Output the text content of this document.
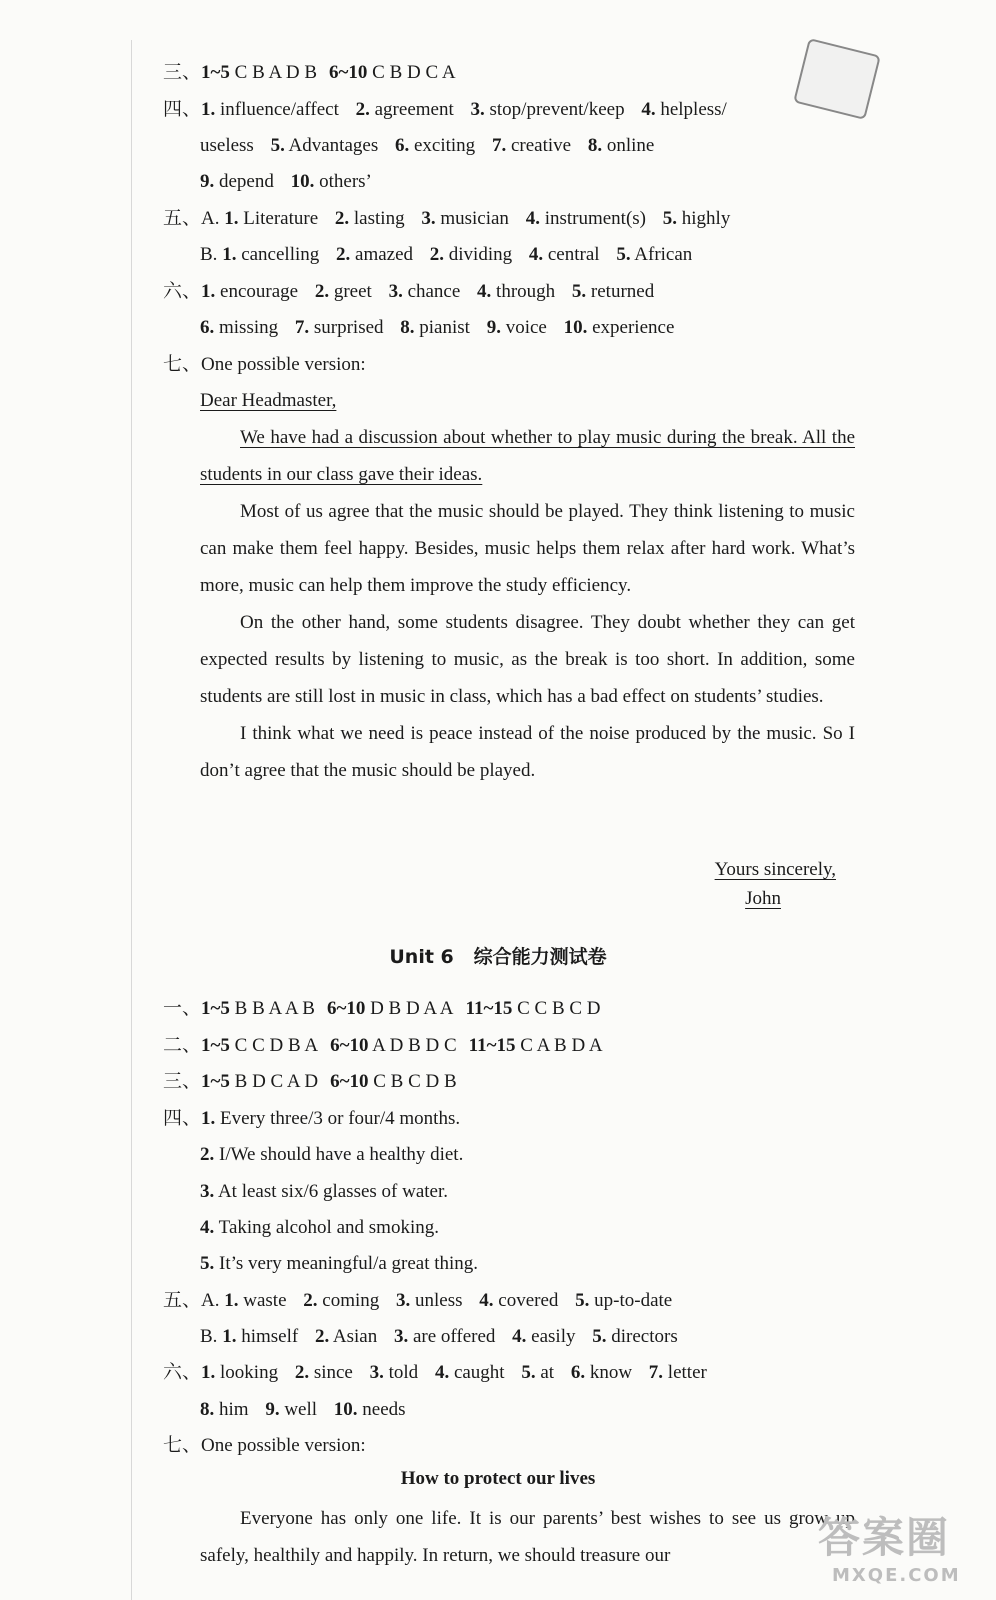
三、1~5 C B A D B 6~10 C B D C A
四、1. influence/affect 2. agreement 3. stop/prevent/keep 4. helpless/
useless 5. Advantages 6. exciting 7. creative 8. online
9. depend 10. others’
五、A. 1. Literature 2. lasting 3. musician 4. instrument(s) 5. highly
B. 1. cancelling 2. amazed 2. dividing 4. central 5. African
六、1. encourage 2. greet 3. chance 4. through 5. returned
6. missing 7. surprised 8. pianist 9. voice 10. experience
七、One possible version:
Dear Headmaster,

We have had a discussion about whether to play music during the break. All the students in our class gave their ideas.

Most of us agree that the music should be played. They think listening to music can make them feel happy. Besides, music helps them relax after hard work. What’s more, music can help them improve the study efficiency.

On the other hand, some students disagree. They doubt whether they can get expected results by listening to music, as the break is too short. In addition, some students are still lost in music in class, which has a bad effect on students’ studies.

I think what we need is peace instead of the noise produced by the music. So I don’t agree that the music should be played.

Yours sincerely,
John
Unit 6 综合能力测试卷
一、1~5 B B A A B 6~10 D B D A A 11~15 C C B C D
二、1~5 C C D B A 6~10 A D B D C 11~15 C A B D A
三、1~5 B D C A D 6~10 C B C D B
四、1. Every three/3 or four/4 months.
2. I/We should have a healthy diet.
3. At least six/6 glasses of water.
4. Taking alcohol and smoking.
5. It’s very meaningful/a great thing.
五、A. 1. waste 2. coming 3. unless 4. covered 5. up-to-date
B. 1. himself 2. Asian 3. are offered 4. easily 5. directors
六、1. looking 2. since 3. told 4. caught 5. at 6. know 7. letter
8. him 9. well 10. needs
七、One possible version:
How to protect our lives

Everyone has only one life. It is our parents’ best wishes to see us grow up safely, healthily and happily. In return, we should treasure our	答案圈
MXQE.COM
